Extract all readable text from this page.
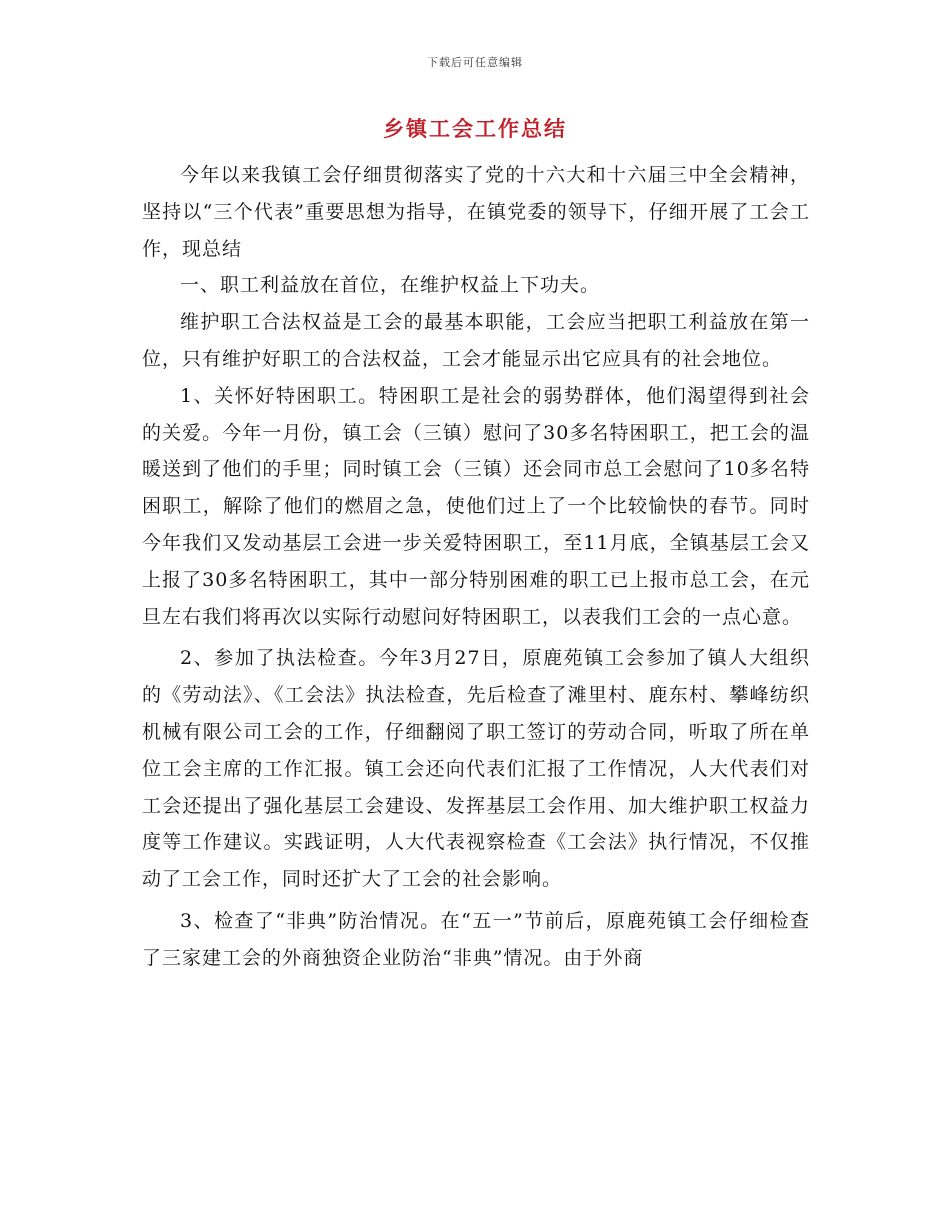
下载后可任意编辑
乡镇工会工作总结

今年以来我镇工会仔细贯彻落实了党的十六大和十六届三中全会精神，坚持以“三个代表”重要思想为指导，在镇党委的领导下，仔细开展了工会工作，现总结

一、职工利益放在首位，在维护权益上下功夫。

维护职工合法权益是工会的最基本职能，工会应当把职工利益放在第一位，只有维护好职工的合法权益，工会才能显示出它应具有的社会地位。

1、关怀好特困职工。特困职工是社会的弱势群体，他们渴望得到社会的关爱。今年一月份，镇工会（三镇）慰问了30多名特困职工，把工会的温暖送到了他们的手里；同时镇工会（三镇）还会同市总工会慰问了10多名特困职工，解除了他们的燃眉之急，使他们过上了一个比较愉快的春节。同时今年我们又发动基层工会进一步关爱特困职工，至11月底，全镇基层工会又上报了30多名特困职工，其中一部分特别困难的职工已上报市总工会，在元旦左右我们将再次以实际行动慰问好特困职工，以表我们工会的一点心意。

2、参加了执法检查。今年3月27日，原鹿苑镇工会参加了镇人大组织的《劳动法》、《工会法》执法检查，先后检查了滩里村、鹿东村、攀峰纺织机械有限公司工会的工作，仔细翻阅了职工签订的劳动合同，听取了所在单位工会主席的工作汇报。镇工会还向代表们汇报了工作情况，人大代表们对工会还提出了强化基层工会建设、发挥基层工会作用、加大维护职工权益力度等工作建议。实践证明，人大代表视察检查《工会法》执行情况，不仅推动了工会工作，同时还扩大了工会的社会影响。

3、检查了“非典”防治情况。在“五一”节前后，原鹿苑镇工会仔细检查了三家建工会的外商独资企业防治“非典”情况。由于外商
